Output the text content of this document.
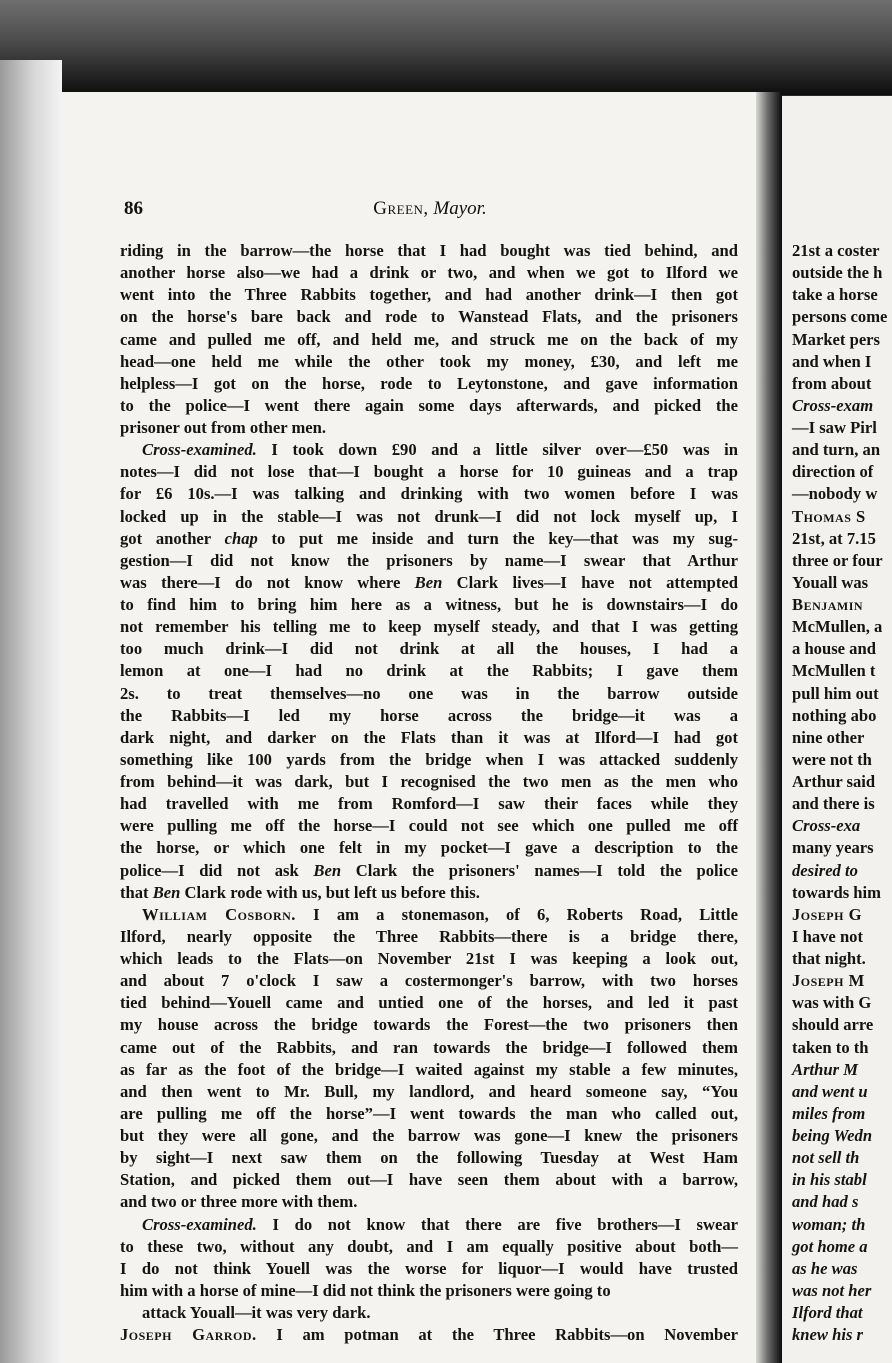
86	Green, Mayor.
riding in the barrow—the horse that I had bought was tied behind, and
another horse also—we had a drink or two, and when we got to Ilford we
went into the Three Rabbits together, and had another drink—I then got
on the horse's bare back and rode to Wanstead Flats, and the prisoners
came and pulled me off, and held me, and struck me on the back of my
head—one held me while the other took my money, £30, and left me
helpless—I got on the horse, rode to Leytonstone, and gave information
to the police—I went there again some days afterwards, and picked the
prisoner out from other men.
Cross-examined. I took down £90 and a little silver over—£50 was in
notes—I did not lose that—I bought a horse for 10 guineas and a trap
for £6 10s.—I was talking and drinking with two women before I was
locked up in the stable—I was not drunk—I did not lock myself up, I
got another chap to put me inside and turn the key—that was my sug-
gestion—I did not know the prisoners by name—I swear that Arthur
was there—I do not know where Ben Clark lives—I have not attempted
to find him to bring him here as a witness, but he is downstairs—I do
not remember his telling me to keep myself steady, and that I was getting
too much drink—I did not drink at all the houses, I had a
lemon at one—I had no drink at the Rabbits; I gave them
2s. to treat themselves—no one was in the barrow outside
the Rabbits—I led my horse across the bridge—it was a
dark night, and darker on the Flats than it was at Ilford—I had got
something like 100 yards from the bridge when I was attacked suddenly
from behind—it was dark, but I recognised the two men as the men who
had travelled with me from Romford—I saw their faces while they
were pulling me off the horse—I could not see which one pulled me off
the horse, or which one felt in my pocket—I gave a description to the
police—I did not ask Ben Clark the prisoners' names—I told the police
that Ben Clark rode with us, but left us before this.
William Cosborn. I am a stonemason, of 6, Roberts Road, Little
Ilford, nearly opposite the Three Rabbits—there is a bridge there,
which leads to the Flats—on November 21st I was keeping a look out,
and about 7 o'clock I saw a costermonger's barrow, with two horses
tied behind—Youell came and untied one of the horses, and led it past
my house across the bridge towards the Forest—the two prisoners then
came out of the Rabbits, and ran towards the bridge—I followed them
as far as the foot of the bridge—I waited against my stable a few minutes,
and then went to Mr. Bull, my landlord, and heard someone say, “You
are pulling me off the horse”—I went towards the man who called out,
but they were all gone, and the barrow was gone—I knew the prisoners
by sight—I next saw them on the following Tuesday at West Ham
Station, and picked them out—I have seen them about with a barrow,
and two or three more with them.
Cross-examined. I do not know that there are five brothers—I swear
to these two, without any doubt, and I am equally positive about both—
I do not think Youell was the worse for liquor—I would have trusted
him with a horse of mine—I did not think the prisoners were going to
attack Youall—it was very dark.
Joseph Garrod. I am potman at the Three Rabbits—on November
21st a coster
outside the h
take a horse
persons come
Market pers
and when I
from about
Cross-exam
—I saw Pirl
and turn, an
direction of
—nobody w
Thomas S
21st, at 7.15
three or four
Youall was
Benjamin
McMullen, a
a house and
McMullen t
pull him out
nothing abo
nine other
were not th
Arthur said
and there is
Cross-exa
many years
desired to
towards him
Joseph G
I have not
that night.
Joseph M
was with G
should arre
taken to th
Arthur M
and went u
miles from
being Wedn
not sell th
in his stabl
and had s
woman; th
got home a
as he was
was not her
Ilford that
knew his r
